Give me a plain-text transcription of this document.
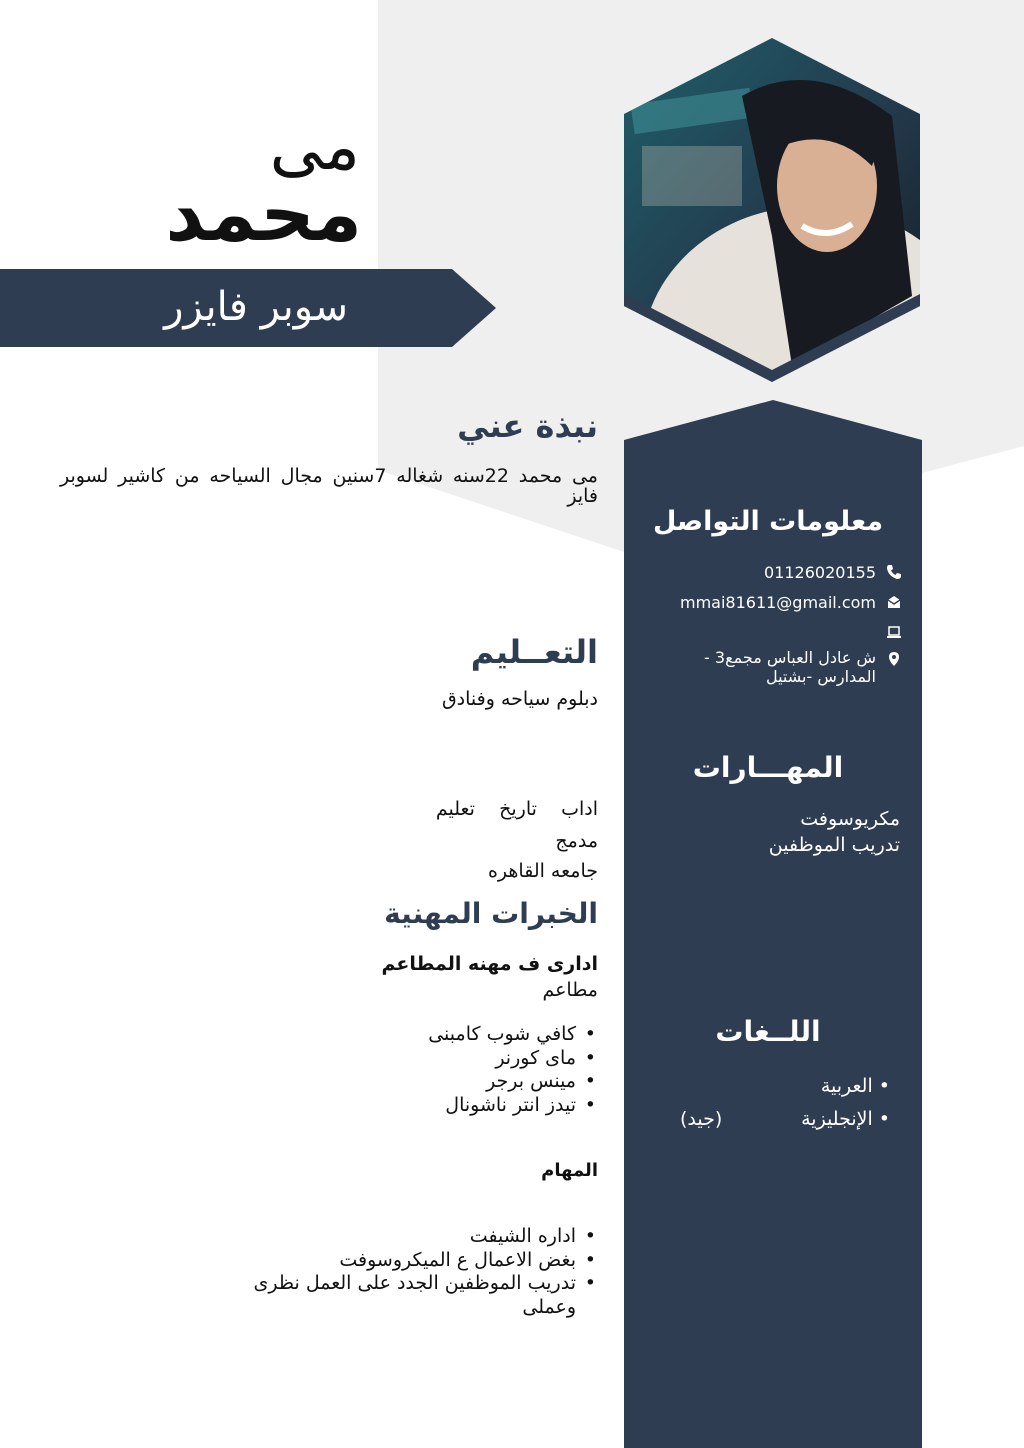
مى
محمد
سوبر فايزر
نبذة عني
مى محمد 22سنه شغاله 7سنين مجال السياحه من كاشير لسوبر فايز
التعــليم
دبلوم سياحه وفنادق
اداب    تاريخ    تعليم
مدمج
جامعه القاهره
الخبرات المهنية
ادارى ف مهنه المطاعم
مطاعم
• كافي شوب كامبنى
• ماى كورنر
• مينس برجر
• تيدز انتر ناشونال
المهام
• اداره الشيفت
• بغض الاعمال ع الميكروسوفت
• تدريب الموظفين الجدد على العمل نظرى وعملى
معلومات التواصل
01126020155
mmai81611@gmail.com
ش عادل العباس مجمع3 - المدارس -بشتيل
المهـــارات
مكريوسوفت
تدريب الموظفين
اللــغات
• العربية
• الإنجليزية
(جيد)
